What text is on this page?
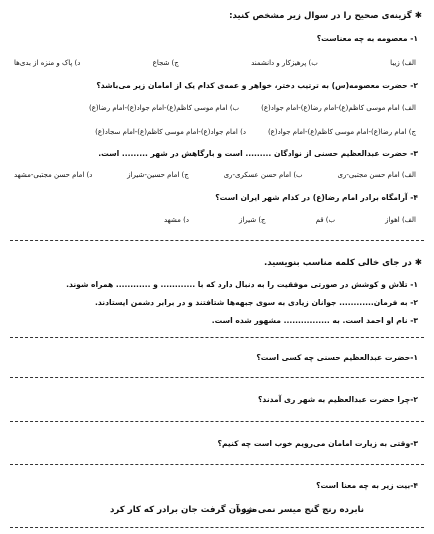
✱ گزینه‌ی صحیح را در سوال زیر مشخص کنید:
۱- معصومه به چه معناست؟
الف) زیبا
ب) پرهیزکار و دانشمند
ج) شجاع
د) پاک و منزه از بدی‌ها
۲- حضرت معصومه(س) به ترتیب دختر، خواهر و عمه‌ی کدام یک از امامان زیر می‌باشد؟
الف) امام موسی کاظم(ع)-امام رضا(ع)-امام جواد(ع)
ب) امام موسی کاظم(ع)-امام جواد(ع)-امام رضا(ع)
ج) امام رضا(ع)-امام موسی کاظم(ع)-امام جواد(ع)
د) امام جواد(ع)-امام موسی کاظم(ع)-امام سجاد(ع)
۳- حضرت عبدالعظیم حسنی از نوادگان ......... است و بارگاهش در شهر ......... است.
الف) امام حسن مجتبی-ری
ب) امام حسن عسکری-ری
ج) امام حسین-شیراز
د) امام حسن مجتبی-مشهد
۴- آرامگاه برادر امام رضا(ع) در کدام شهر ایران است؟
الف) اهواز
ب) قم
ج) شیراز
د) مشهد
✱ در جای خالی کلمه مناسب بنویسید.
۱- تلاش و کوشش در صورتی موفقیت را به دنبال دارد که با ............ و ............ همراه شوند.
۲- به فرمان............ جوانان زیادی به سوی جبهه‌ها شتافتند و در برابر دشمن ایستادند.
۳- نام او احمد است. به ................ مشهور شده است.
۱-حضرت عبدالعظیم حسنی چه کسی است؟
۲-چرا حضرت عبدالعظیم به شهر ری آمدند؟
۳-وقتی به زیارت امامان می‌رویم خوب است چه کنیم؟
۴-بیت زیر به چه معنا است؟
نابرده رنج گنج میسر نمی شود
مزد آن گرفت جان برادر که کار کرد
